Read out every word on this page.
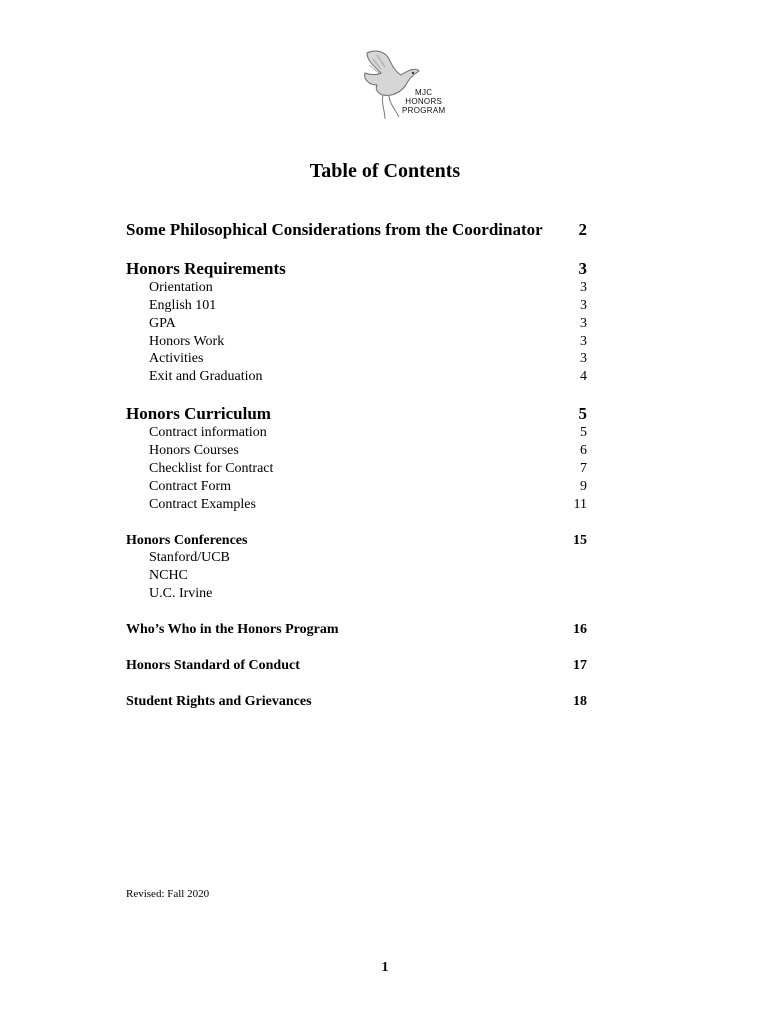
MJC
HONORS
PROGRAM
Table of Contents
Some Philosophical Considerations from the Coordinator 2
Honors Requirements	3
Orientation	3
English 101	3
GPA	3
Honors Work	3
Activities	3
Exit and Graduation	4
Honors Curriculum	5
Contract information	5
Honors Courses	6
Checklist for Contract	7
Contract Form	9
Contract Examples	11
Honors Conferences	15
Stanford/UCB
NCHC
U.C. Irvine
Who’s Who in the Honors Program	16
Honors Standard of Conduct	17
Student Rights and Grievances	18
Revised: Fall 2020
1
